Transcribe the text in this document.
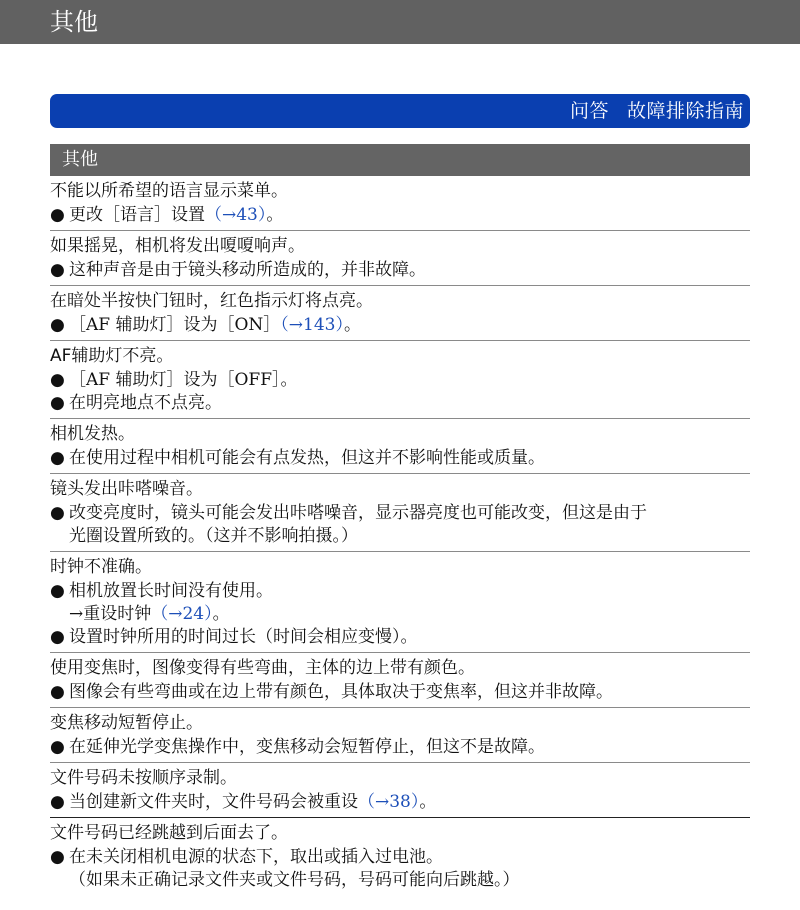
其他
问答 故障排除指南
其他
不能以所希望的语言显示菜单。
● 更改［语言］设置（→43）。
如果摇晃，相机将发出嗄嗄响声。
● 这种声音是由于镜头移动所造成的，并非故障。
在暗处半按快门钮时，红色指示灯将点亮。
● ［AF 辅助灯］设为［ON］（→143）。
AF辅助灯不亮。
● ［AF 辅助灯］设为［OFF］。
● 在明亮地点不点亮。
相机发热。
● 在使用过程中相机可能会有点发热，但这并不影响性能或质量。
镜头发出咔嗒噪音。
● 改变亮度时，镜头可能会发出咔嗒噪音，显示器亮度也可能改变，但这是由于
光圈设置所致的。（这并不影响拍摄。）
时钟不准确。
● 相机放置长时间没有使用。
→重设时钟（→24）。
● 设置时钟所用的时间过长（时间会相应变慢）。
使用变焦时，图像变得有些弯曲，主体的边上带有颜色。
● 图像会有些弯曲或在边上带有颜色，具体取决于变焦率，但这并非故障。
变焦移动短暂停止。
● 在延伸光学变焦操作中，变焦移动会短暂停止，但这不是故障。
文件号码未按顺序录制。
● 当创建新文件夹时，文件号码会被重设（→38）。
文件号码已经跳越到后面去了。
● 在未关闭相机电源的状态下，取出或插入过电池。
（如果未正确记录文件夹或文件号码，号码可能向后跳越。）
